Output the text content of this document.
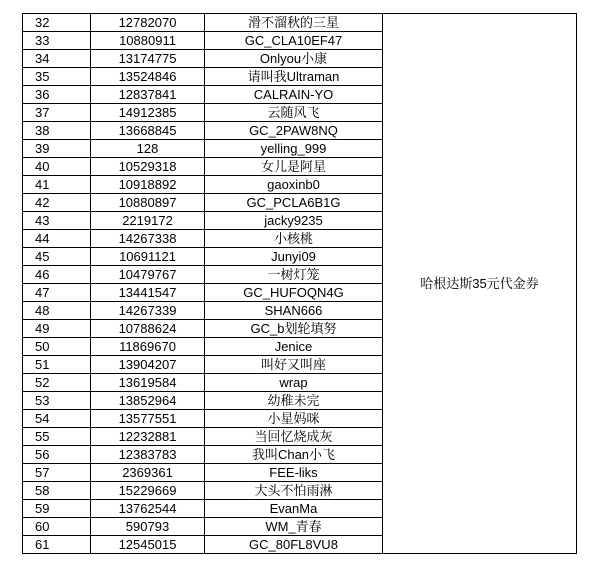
32	12782070	滑不溜秋的三星	哈根达斯35元代金券
33	10880911	GC_CLA10EF47
34	13174775	Onlyou小康
35	13524846	请叫我Ultraman
36	12837841	CALRAIN-YO
37	14912385	云随风飞
38	13668845	GC_2PAW8NQ
39	128	yelling_999
40	10529318	女儿是阿星
41	10918892	gaoxinb0
42	10880897	GC_PCLA6B1G
43	2219172	jacky9235
44	14267338	小核桃
45	10691121	Junyi09
46	10479767	一树灯笼
47	13441547	GC_HUFOQN4G
48	14267339	SHAN666
49	10788624	GC_b划轮填努
50	11869670	Jenice
51	13904207	叫好又叫座
52	13619584	wrap
53	13852964	幼稚未完
54	13577551	小星妈咪
55	12232881	当回忆烧成灰
56	12383783	我叫Chan小飞
57	2369361	FEE-liks
58	15229669	大头不怕雨淋
59	13762544	EvanMa
60	590793	WM_青春
61	12545015	GC_80FL8VU8
